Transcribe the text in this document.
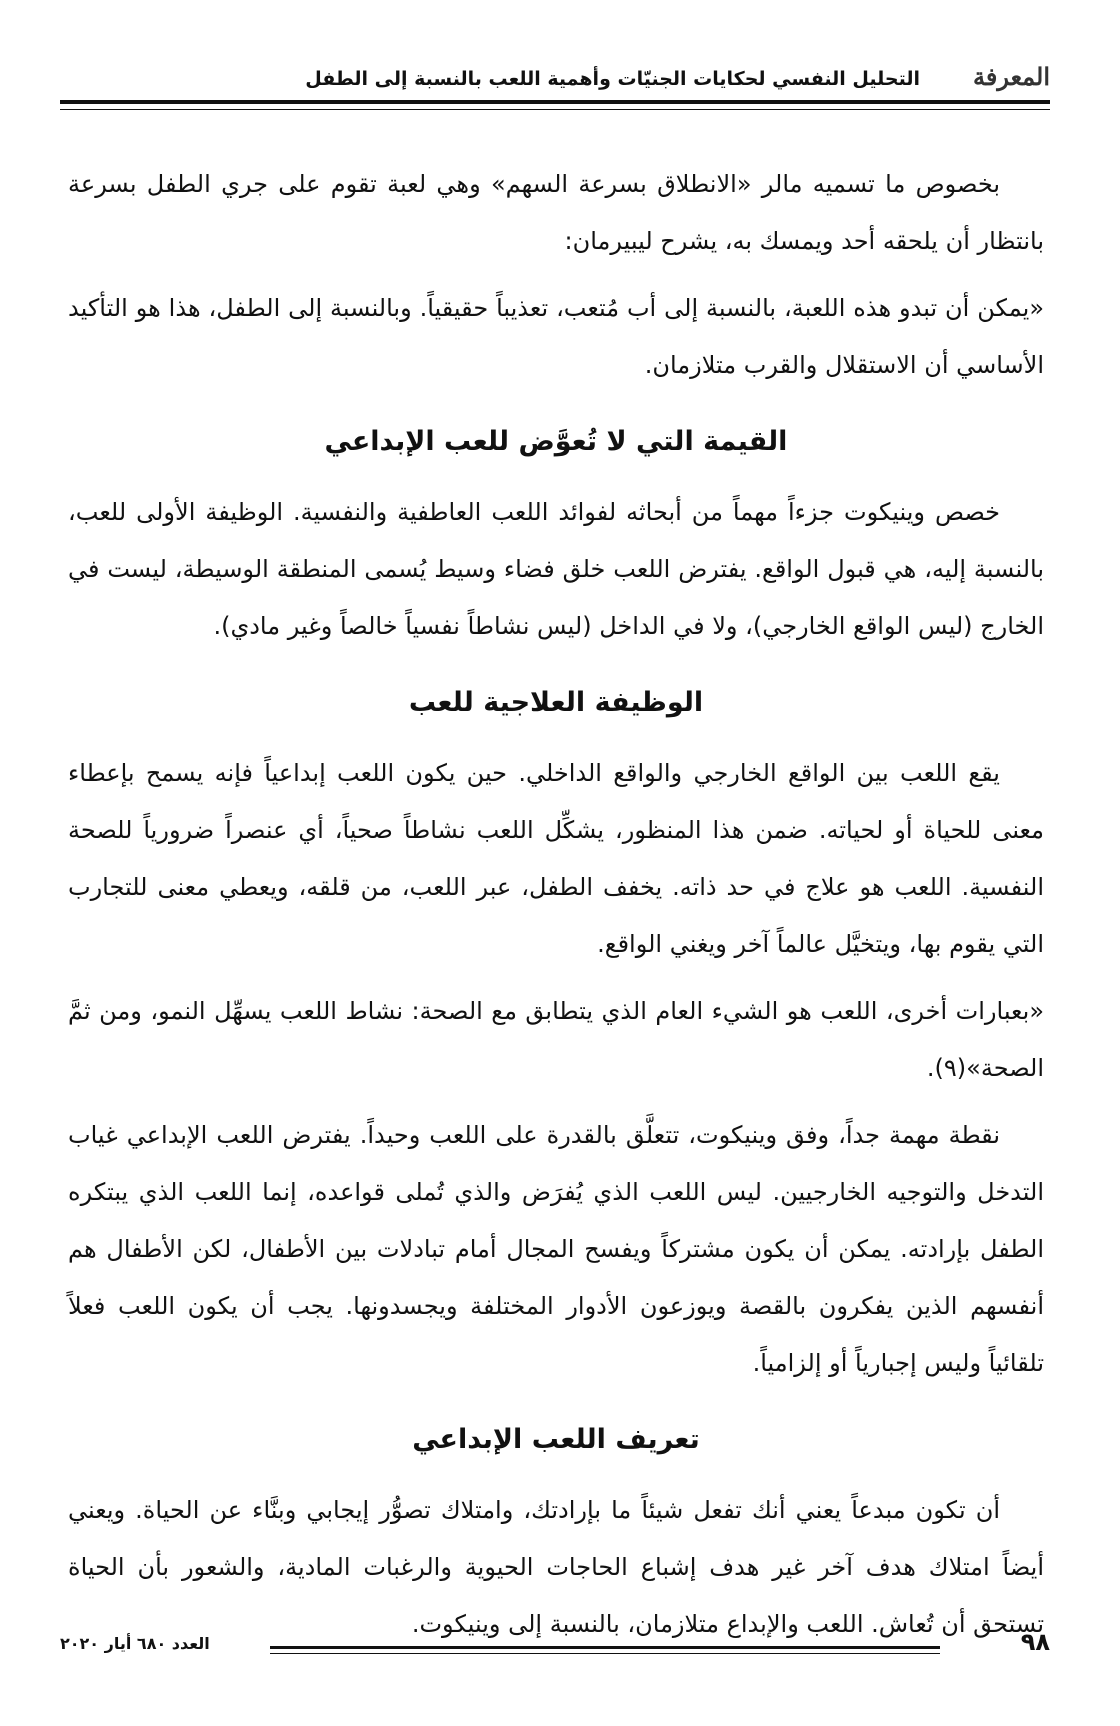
المعرفة
التحليل النفسي لحكايات الجنيّات وأهمية اللعب بالنسبة إلى الطفل

بخصوص ما تسميه مالر «الانطلاق بسرعة السهم» وهي لعبة تقوم على جري الطفل بسرعة بانتظار أن يلحقه أحد ويمسك به، يشرح ليبيرمان:

«يمكن أن تبدو هذه اللعبة، بالنسبة إلى أب مُتعب، تعذيباً حقيقياً. وبالنسبة إلى الطفل، هذا هو التأكيد الأساسي أن الاستقلال والقرب متلازمان.

القيمة التي لا تُعوَّض للعب الإبداعي

خصص وينيكوت جزءاً مهماً من أبحاثه لفوائد اللعب العاطفية والنفسية. الوظيفة الأولى للعب، بالنسبة إليه، هي قبول الواقع. يفترض اللعب خلق فضاء وسيط يُسمى المنطقة الوسيطة، ليست في الخارج (ليس الواقع الخارجي)، ولا في الداخل (ليس نشاطاً نفسياً خالصاً وغير مادي).

الوظيفة العلاجية للعب

يقع اللعب بين الواقع الخارجي والواقع الداخلي. حين يكون اللعب إبداعياً فإنه يسمح بإعطاء معنى للحياة أو لحياته. ضمن هذا المنظور، يشكِّل اللعب نشاطاً صحياً، أي عنصراً ضرورياً للصحة النفسية. اللعب هو علاج في حد ذاته. يخفف الطفل، عبر اللعب، من قلقه، ويعطي معنى للتجارب التي يقوم بها، ويتخيَّل عالماً آخر ويغني الواقع.

«بعبارات أخرى، اللعب هو الشيء العام الذي يتطابق مع الصحة: نشاط اللعب يسهِّل النمو، ومن ثمَّ الصحة»(٩).

نقطة مهمة جداً، وفق وينيكوت، تتعلَّق بالقدرة على اللعب وحيداً. يفترض اللعب الإبداعي غياب التدخل والتوجيه الخارجيين. ليس اللعب الذي يُفرَض والذي تُملى قواعده، إنما اللعب الذي يبتكره الطفل بإرادته. يمكن أن يكون مشتركاً ويفسح المجال أمام تبادلات بين الأطفال، لكن الأطفال هم أنفسهم الذين يفكرون بالقصة ويوزعون الأدوار المختلفة ويجسدونها. يجب أن يكون اللعب فعلاً تلقائياً وليس إجبارياً أو إلزامياً.

تعريف اللعب الإبداعي

أن تكون مبدعاً يعني أنك تفعل شيئاً ما بإرادتك، وامتلاك تصوُّر إيجابي وبنَّاء عن الحياة. ويعني أيضاً امتلاك هدف آخر غير هدف إشباع الحاجات الحيوية والرغبات المادية، والشعور بأن الحياة تستحق أن تُعاش. اللعب والإبداع متلازمان، بالنسبة إلى وينيكوت.

٩٨
العدد ٦٨٠ أيار ٢٠٢٠
